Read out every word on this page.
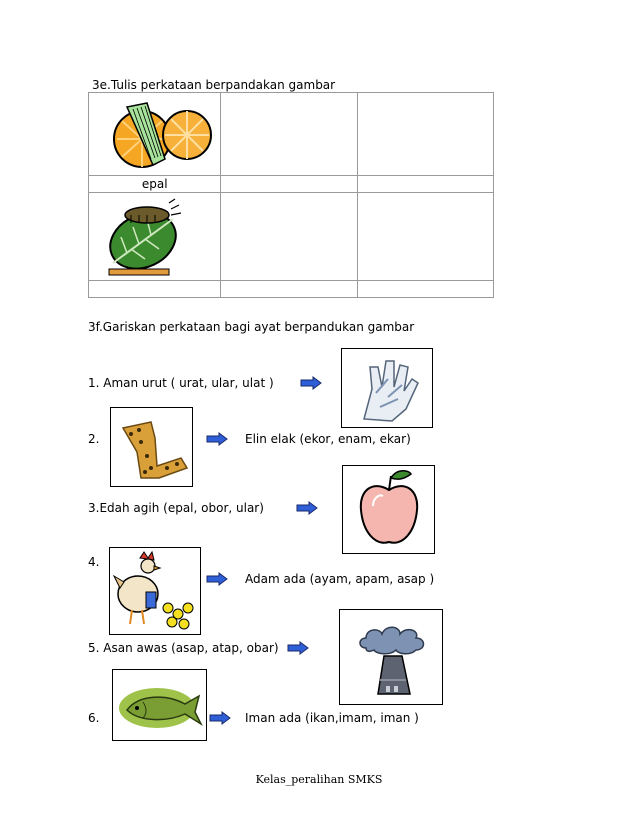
3e.Tulis perkataan berpandakan gambar

epal		

3f.Gariskan perkataan bagi ayat berpandukan gambar
1. Aman urut ( urat, ular, ulat )
2.	Elin elak (ekor, enam, ekar)
3.Edah agih (epal, obor, ular)
4.
Adam ada (ayam, apam, asap )
5. Asan awas (asap, atap, obar)
6.	Iman ada (ikan,imam, iman )
Kelas_peralihan SMKS
